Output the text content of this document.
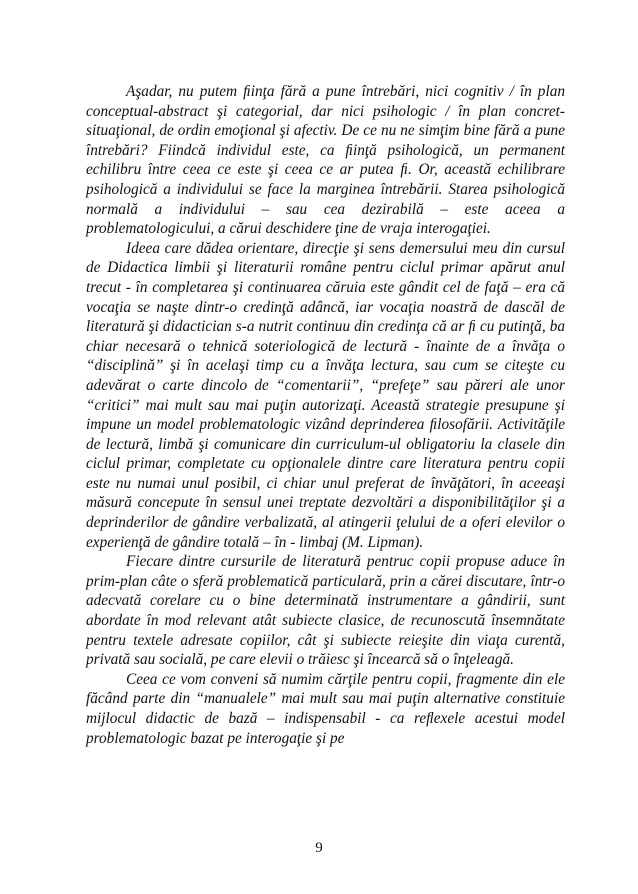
Aşadar, nu putem ﬁinţa fără a pune întrebări, nici cognitiv / în plan conceptual-abstract şi categorial, dar nici psihologic / în plan concret-situaţional, de ordin emoţional şi afectiv. De ce nu ne simţim bine fără a pune întrebări? Fiindcă individul este, ca ﬁinţă psihologică, un permanent echilibru între ceea ce este şi ceea ce ar putea ﬁ. Or, această echilibrare psihologică a individului se face la marginea întrebării. Starea psihologică normală a individului – sau cea dezirabilă – este aceea a problematologicului, a cărui deschidere ţine de vraja interogaţiei.

Ideea care dădea orientare, direcţie şi sens demersului meu din cursul de Didactica limbii şi literaturii române pentru ciclul primar apărut anul trecut - în completarea şi continuarea căruia este gândit cel de faţă – era că vocaţia se naşte dintr-o credinţă adâncă, iar vocaţia noastră de dascăl de literatură şi didactician s-a nutrit continuu din credinţa că ar ﬁ cu putinţă, ba chiar necesară o tehnică soteriologică de lectură - înainte de a învăţa o “disciplină” şi în acelaşi timp cu a învăţa lectura, sau cum se citeşte cu adevărat o carte dincolo de “comentarii”, “prefeţe” sau păreri ale unor “critici” mai mult sau mai puţin autorizaţi. Această strategie presupune şi impune un model problematologic vizând deprinderea ﬁlosofării. Activităţile de lectură, limbă şi comunicare din curriculum-ul obligatoriu la clasele din ciclul primar, completate cu opţionalele dintre care literatura pentru copii este nu numai unul posibil, ci chiar unul preferat de învăţători, în aceeaşi măsură concepute în sensul unei treptate dezvoltări a disponibilităţilor şi a deprinderilor de gândire verbalizată, al atingerii ţelului de a oferi elevilor o experienţă de gândire totală – în - limbaj (M. Lipman).

Fiecare dintre cursurile de literatură pentruc copii propuse aduce în prim-plan câte o sferă problematică particulară, prin a cărei discutare, într-o adecvată corelare cu o bine determinată instrumentare a gândirii, sunt abordate în mod relevant atât subiecte clasice, de recunoscută însemnătate pentru textele adresate copiilor, cât şi subiecte reieşite din viaţa curentă, privată sau socială, pe care elevii o trăiesc şi încearcă să o înţeleagă.

Ceea ce vom conveni să numim cărţile pentru copii, fragmente din ele făcând parte din “manualele” mai mult sau mai puţin alternative constituie mijlocul didactic de bază – indispensabil - ca reﬂexele acestui model problematologic bazat pe interogaţie şi pe

9
